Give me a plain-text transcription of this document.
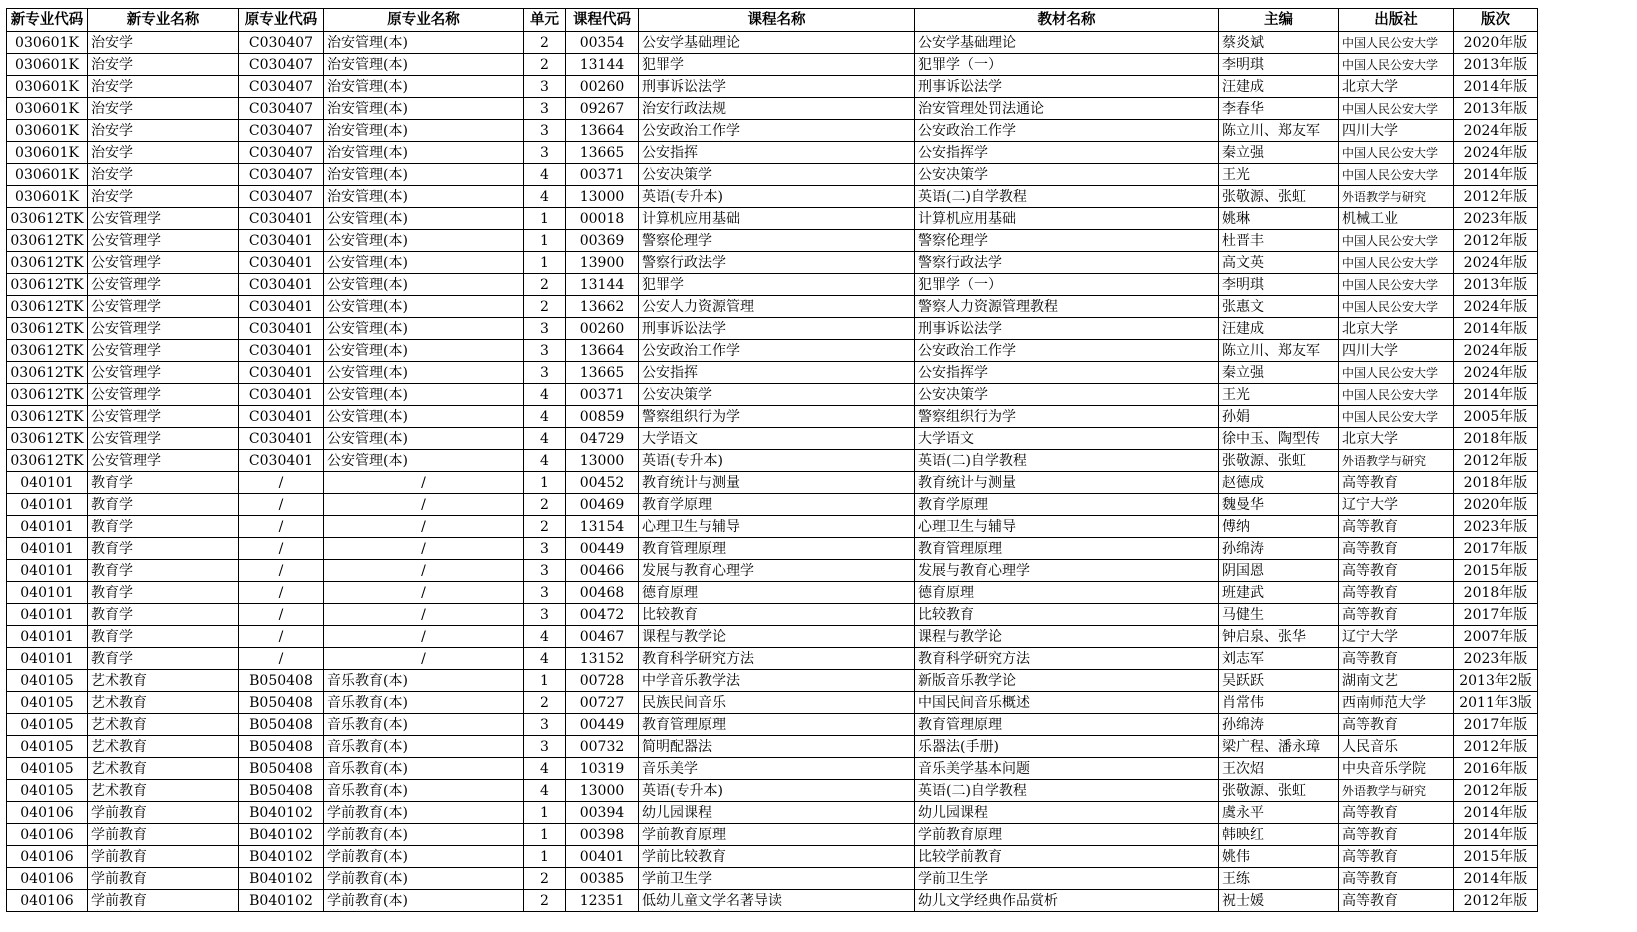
新专业代码	新专业名称	原专业代码	原专业名称	单元	课程代码	课程名称	教材名称	主编	出版社	版次
030601K	治安学	C030407	治安管理(本)	2	00354	公安学基础理论	公安学基础理论	蔡炎斌	中国人民公安大学	2020年版
030601K	治安学	C030407	治安管理(本)	2	13144	犯罪学	犯罪学（一）	李明琪	中国人民公安大学	2013年版
030601K	治安学	C030407	治安管理(本)	3	00260	刑事诉讼法学	刑事诉讼法学	汪建成	北京大学	2014年版
030601K	治安学	C030407	治安管理(本)	3	09267	治安行政法规	治安管理处罚法通论	李春华	中国人民公安大学	2013年版
030601K	治安学	C030407	治安管理(本)	3	13664	公安政治工作学	公安政治工作学	陈立川、郑友军	四川大学	2024年版
030601K	治安学	C030407	治安管理(本)	3	13665	公安指挥	公安指挥学	秦立强	中国人民公安大学	2024年版
030601K	治安学	C030407	治安管理(本)	4	00371	公安决策学	公安决策学	王光	中国人民公安大学	2014年版
030601K	治安学	C030407	治安管理(本)	4	13000	英语(专升本)	英语(二)自学教程	张敬源、张虹	外语教学与研究	2012年版
030612TK	公安管理学	C030401	公安管理(本)	1	00018	计算机应用基础	计算机应用基础	姚琳	机械工业	2023年版
030612TK	公安管理学	C030401	公安管理(本)	1	00369	警察伦理学	警察伦理学	杜晋丰	中国人民公安大学	2012年版
030612TK	公安管理学	C030401	公安管理(本)	1	13900	警察行政法学	警察行政法学	高文英	中国人民公安大学	2024年版
030612TK	公安管理学	C030401	公安管理(本)	2	13144	犯罪学	犯罪学（一）	李明琪	中国人民公安大学	2013年版
030612TK	公安管理学	C030401	公安管理(本)	2	13662	公安人力资源管理	警察人力资源管理教程	张惠文	中国人民公安大学	2024年版
030612TK	公安管理学	C030401	公安管理(本)	3	00260	刑事诉讼法学	刑事诉讼法学	汪建成	北京大学	2014年版
030612TK	公安管理学	C030401	公安管理(本)	3	13664	公安政治工作学	公安政治工作学	陈立川、郑友军	四川大学	2024年版
030612TK	公安管理学	C030401	公安管理(本)	3	13665	公安指挥	公安指挥学	秦立强	中国人民公安大学	2024年版
030612TK	公安管理学	C030401	公安管理(本)	4	00371	公安决策学	公安决策学	王光	中国人民公安大学	2014年版
030612TK	公安管理学	C030401	公安管理(本)	4	00859	警察组织行为学	警察组织行为学	孙娟	中国人民公安大学	2005年版
030612TK	公安管理学	C030401	公安管理(本)	4	04729	大学语文	大学语文	徐中玉、陶型传	北京大学	2018年版
030612TK	公安管理学	C030401	公安管理(本)	4	13000	英语(专升本)	英语(二)自学教程	张敬源、张虹	外语教学与研究	2012年版
040101	教育学	/	/	1	00452	教育统计与测量	教育统计与测量	赵德成	高等教育	2018年版
040101	教育学	/	/	2	00469	教育学原理	教育学原理	魏曼华	辽宁大学	2020年版
040101	教育学	/	/	2	13154	心理卫生与辅导	心理卫生与辅导	傅纳	高等教育	2023年版
040101	教育学	/	/	3	00449	教育管理原理	教育管理原理	孙绵涛	高等教育	2017年版
040101	教育学	/	/	3	00466	发展与教育心理学	发展与教育心理学	阴国恩	高等教育	2015年版
040101	教育学	/	/	3	00468	德育原理	德育原理	班建武	高等教育	2018年版
040101	教育学	/	/	3	00472	比较教育	比较教育	马健生	高等教育	2017年版
040101	教育学	/	/	4	00467	课程与教学论	课程与教学论	钟启泉、张华	辽宁大学	2007年版
040101	教育学	/	/	4	13152	教育科学研究方法	教育科学研究方法	刘志军	高等教育	2023年版
040105	艺术教育	B050408	音乐教育(本)	1	00728	中学音乐教学法	新版音乐教学论	吴跃跃	湖南文艺	2013年2版
040105	艺术教育	B050408	音乐教育(本)	2	00727	民族民间音乐	中国民间音乐概述	肖常伟	西南师范大学	2011年3版
040105	艺术教育	B050408	音乐教育(本)	3	00449	教育管理原理	教育管理原理	孙绵涛	高等教育	2017年版
040105	艺术教育	B050408	音乐教育(本)	3	00732	简明配器法	乐器法(手册)	梁广程、潘永璋	人民音乐	2012年版
040105	艺术教育	B050408	音乐教育(本)	4	10319	音乐美学	音乐美学基本问题	王次炤	中央音乐学院	2016年版
040105	艺术教育	B050408	音乐教育(本)	4	13000	英语(专升本)	英语(二)自学教程	张敬源、张虹	外语教学与研究	2012年版
040106	学前教育	B040102	学前教育(本)	1	00394	幼儿园课程	幼儿园课程	虞永平	高等教育	2014年版
040106	学前教育	B040102	学前教育(本)	1	00398	学前教育原理	学前教育原理	韩映红	高等教育	2014年版
040106	学前教育	B040102	学前教育(本)	1	00401	学前比较教育	比较学前教育	姚伟	高等教育	2015年版
040106	学前教育	B040102	学前教育(本)	2	00385	学前卫生学	学前卫生学	王练	高等教育	2014年版
040106	学前教育	B040102	学前教育(本)	2	12351	低幼儿童文学名著导读	幼儿文学经典作品赏析	祝士媛	高等教育	2012年版
